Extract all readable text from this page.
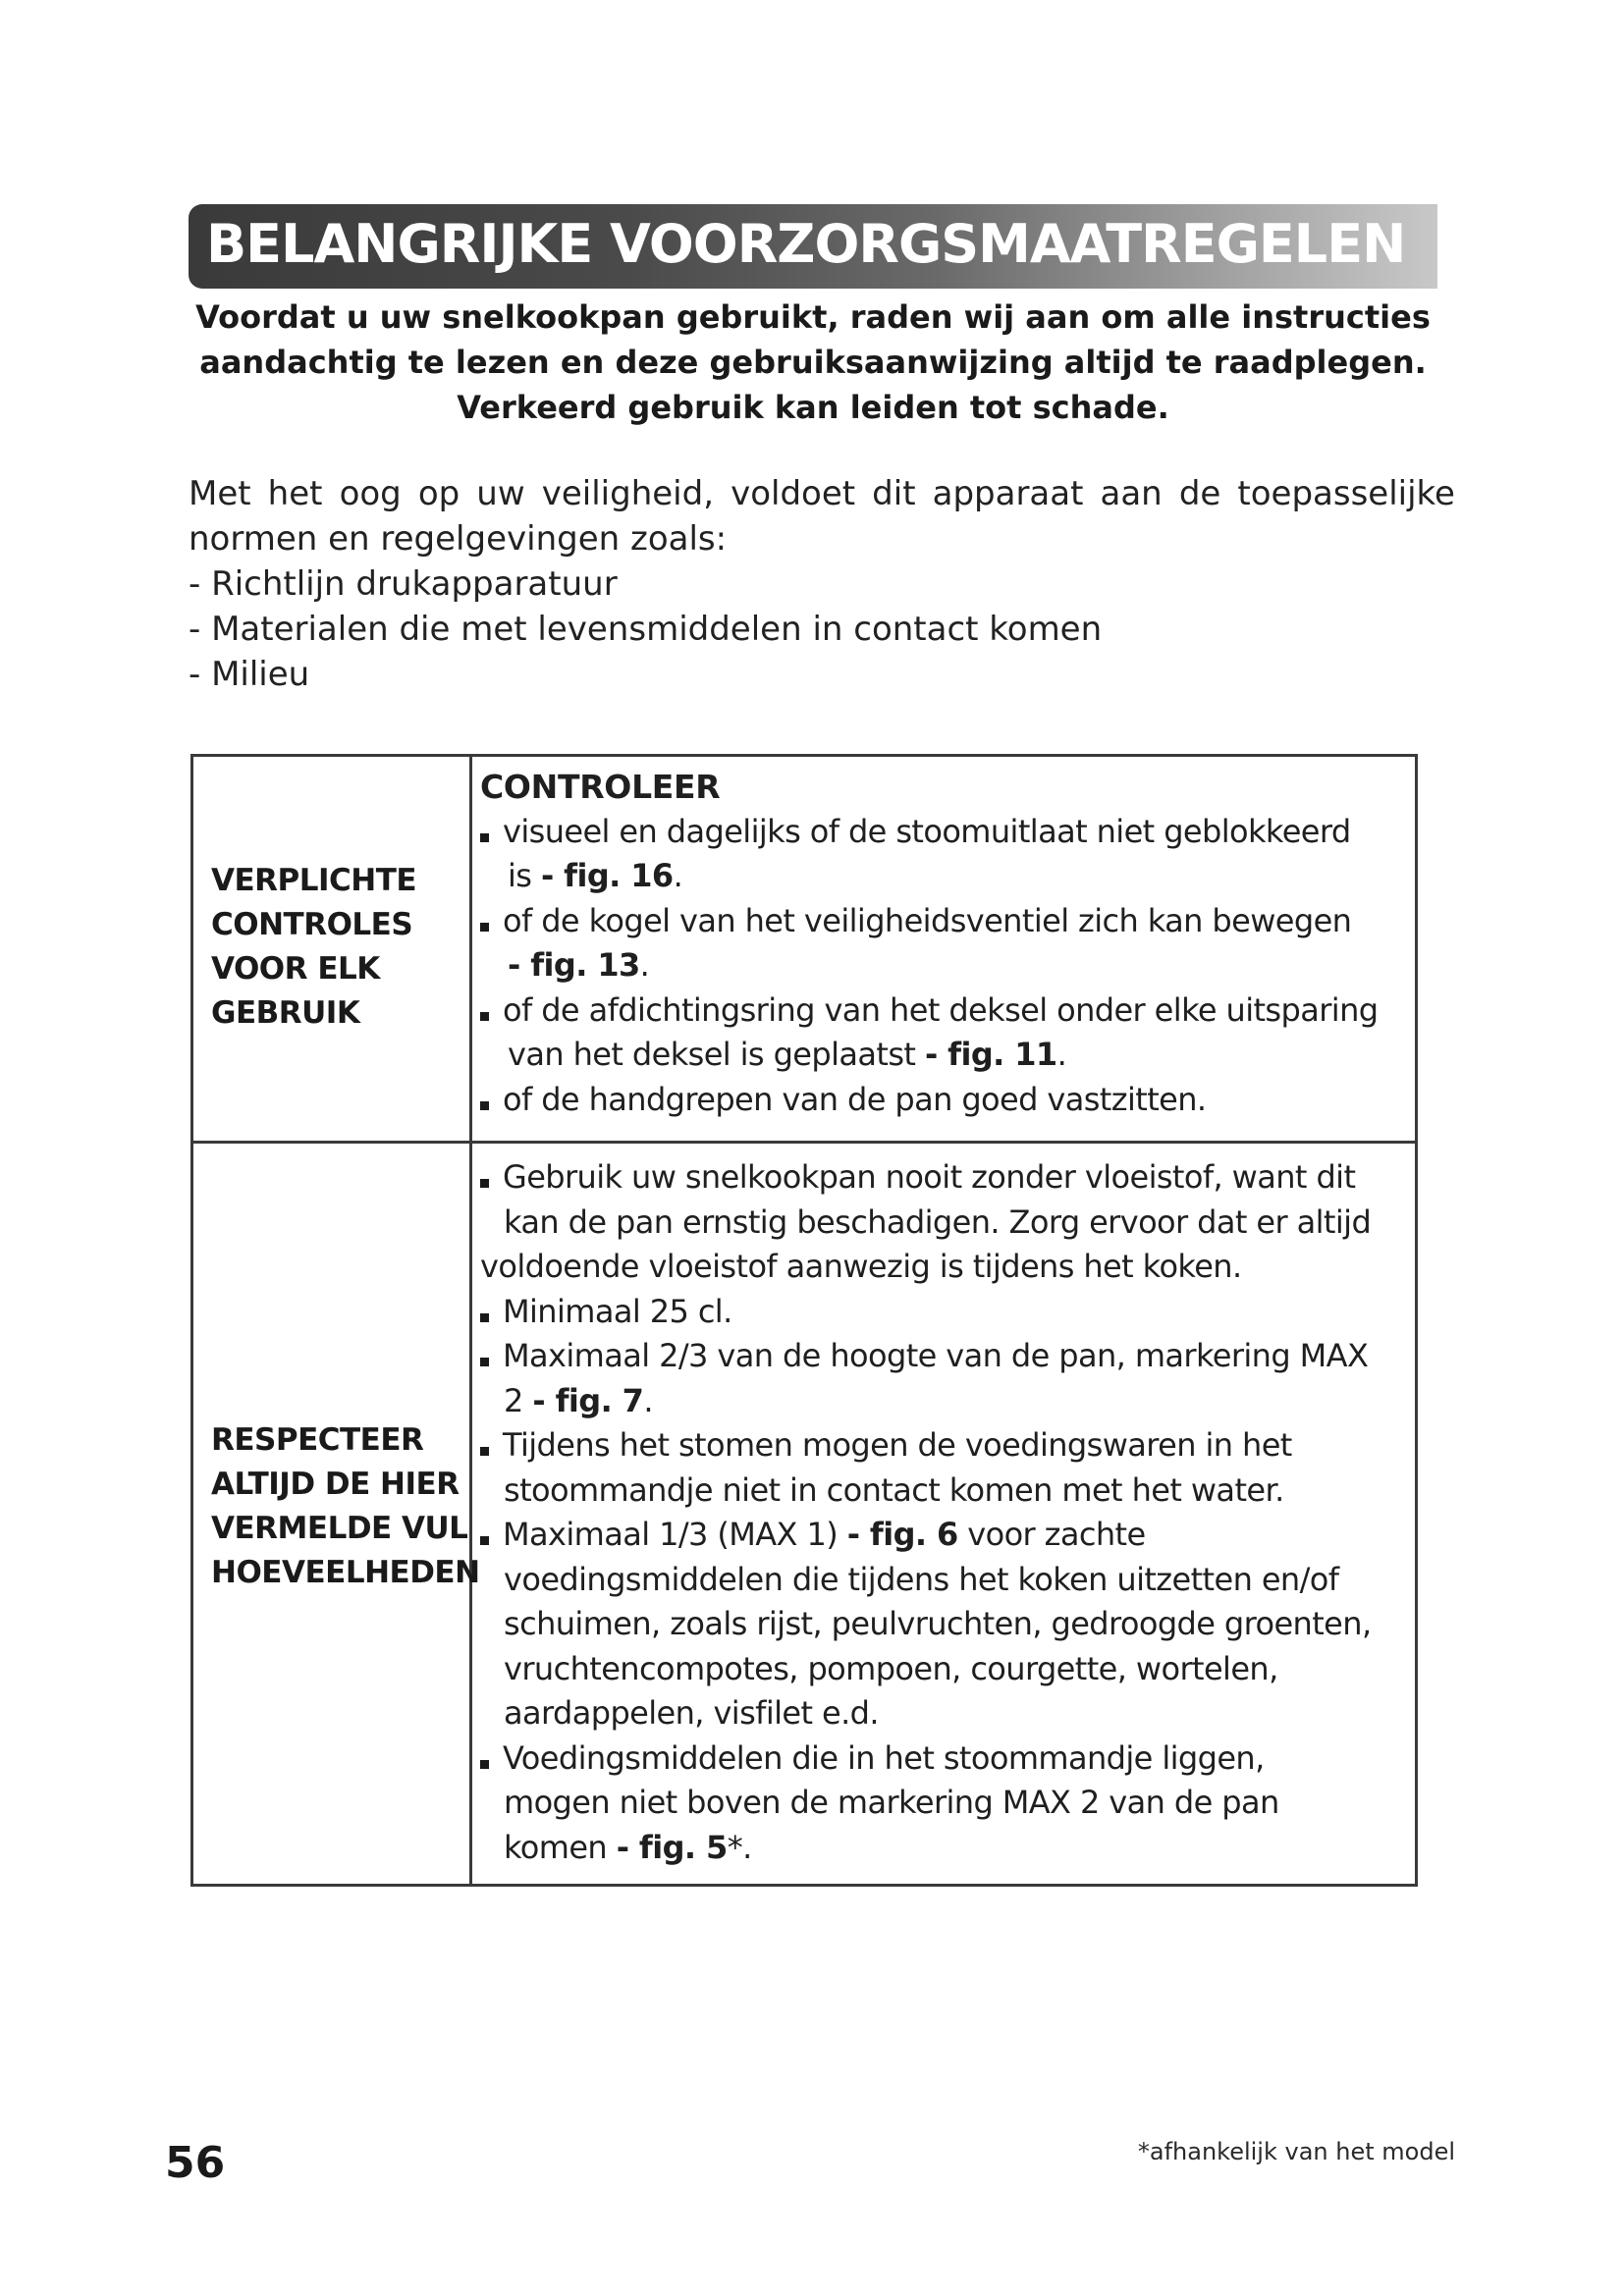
BELANGRIJKE VOORZORGSMAATREGELEN
Voordat u uw snelkookpan gebruikt, raden wij aan om alle instructies
aandachtig te lezen en deze gebruiksaanwijzing altijd te raadplegen.
Verkeerd gebruik kan leiden tot schade.
Met het oog op uw veiligheid, voldoet dit apparaat aan de toepasselijke
normen en regelgevingen zoals:
- Richtlijn drukapparatuur
- Materialen die met levensmiddelen in contact komen
- Milieu
VERPLICHTE
CONTROLES
VOOR ELK
GEBRUIK
CONTROLEER
visueel en dagelijks of de stoomuitlaat niet geblokkeerd
is - fig. 16.
of de kogel van het veiligheidsventiel zich kan bewegen
- fig. 13.
of de afdichtingsring van het deksel onder elke uitsparing
van het deksel is geplaatst - fig. 11.
of de handgrepen van de pan goed vastzitten.
RESPECTEER
ALTIJD DE HIER
VERMELDE VUL
HOEVEELHEDEN
Gebruik uw snelkookpan nooit zonder vloeistof, want dit
kan de pan ernstig beschadigen. Zorg ervoor dat er altijd
voldoende vloeistof aanwezig is tijdens het koken.
Minimaal 25 cl.
Maximaal 2/3 van de hoogte van de pan, markering MAX
2 - fig. 7.
Tijdens het stomen mogen de voedingswaren in het
stoommandje niet in contact komen met het water.
Maximaal 1/3 (MAX 1) - fig. 6 voor zachte
voedingsmiddelen die tijdens het koken uitzetten en/of
schuimen, zoals rijst, peulvruchten, gedroogde groenten,
vruchtencompotes, pompoen, courgette, wortelen,
aardappelen, visfilet e.d.
Voedingsmiddelen die in het stoommandje liggen,
mogen niet boven de markering MAX 2 van de pan
komen - fig. 5*.
56	*afhankelijk van het model
